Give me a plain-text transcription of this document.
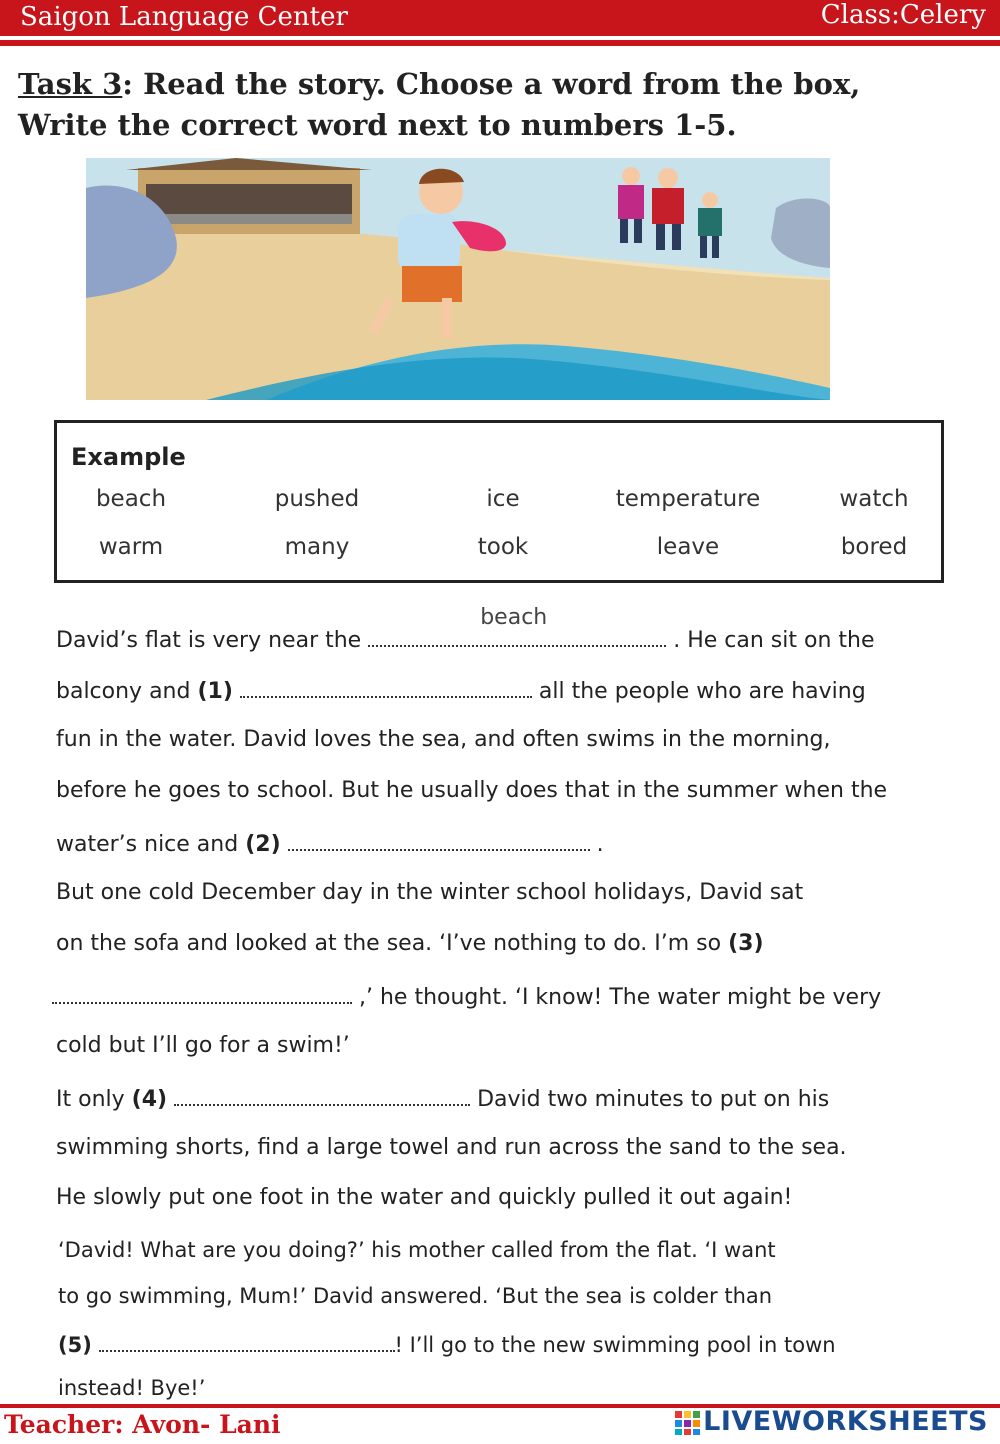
Saigon Language Center	Class:Celery
Task 3: Read the story. Choose a word from the box,
Write the correct word next to numbers 1-5.
Example
beach	pushed	ice	temperature	watch
warm	many	took	leave	bored
David’s flat is very near the
beach
. He can sit on the
balcony and (1)	all the people who are having
fun in the water. David loves the sea, and often swims in the morning,
before he goes to school. But he usually does that in the summer when the
water’s nice and (2)	.
But one cold December day in the winter school holidays, David sat
on the sofa and looked at the sea. ‘I’ve nothing to do. I’m so (3)
,’ he thought. ‘I know! The water might be very
cold but I’ll go for a swim!’
It only (4)	David two minutes to put on his
swimming shorts, find a large towel and run across the sand to the sea.
He slowly put one foot in the water and quickly pulled it out again!
‘David! What are you doing?’ his mother called from the flat. ‘I want
to go swimming, Mum!’ David answered. ‘But the sea is colder than
(5)	! I’ll go to the new swimming pool in town
instead! Bye!’
Teacher: Avon- Lani	LIVEWORKSHEETS
